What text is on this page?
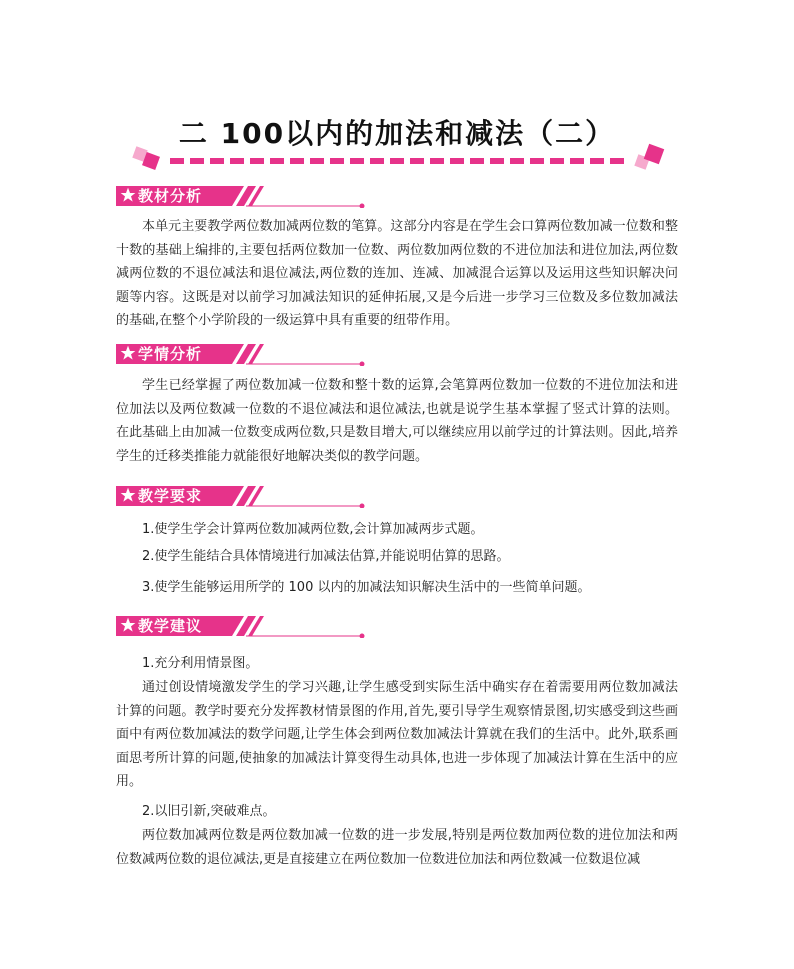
二 100以内的加法和减法（二）
教材分析

本单元主要教学两位数加减两位数的笔算。这部分内容是在学生会口算两位数加减一位数和整十数的基础上编排的,主要包括两位数加一位数、两位数加两位数的不进位加法和进位加法,两位数减两位数的不退位减法和退位减法,两位数的连加、连减、加减混合运算以及运用这些知识解决问题等内容。这既是对以前学习加减法知识的延伸拓展,又是今后进一步学习三位数及多位数加减法的基础,在整个小学阶段的一级运算中具有重要的纽带作用。

学情分析

学生已经掌握了两位数加减一位数和整十数的运算,会笔算两位数加一位数的不进位加法和进位加法以及两位数减一位数的不退位减法和退位减法,也就是说学生基本掌握了竖式计算的法则。在此基础上由加减一位数变成两位数,只是数目增大,可以继续应用以前学过的计算法则。因此,培养学生的迁移类推能力就能很好地解决类似的教学问题。

教学要求

1.使学生学会计算两位数加减两位数,会计算加减两步式题。

2.使学生能结合具体情境进行加减法估算,并能说明估算的思路。

3.使学生能够运用所学的 100 以内的加减法知识解决生活中的一些简单问题。

教学建议

1.充分利用情景图。

通过创设情境激发学生的学习兴趣,让学生感受到实际生活中确实存在着需要用两位数加减法计算的问题。教学时要充分发挥教材情景图的作用,首先,要引导学生观察情景图,切实感受到这些画面中有两位数加减法的数学问题,让学生体会到两位数加减法计算就在我们的生活中。此外,联系画面思考所计算的问题,使抽象的加减法计算变得生动具体,也进一步体现了加减法计算在生活中的应用。

2.以旧引新,突破难点。

两位数加减两位数是两位数加减一位数的进一步发展,特别是两位数加两位数的进位加法和两位数减两位数的退位减法,更是直接建立在两位数加一位数进位加法和两位数减一位数退位减
